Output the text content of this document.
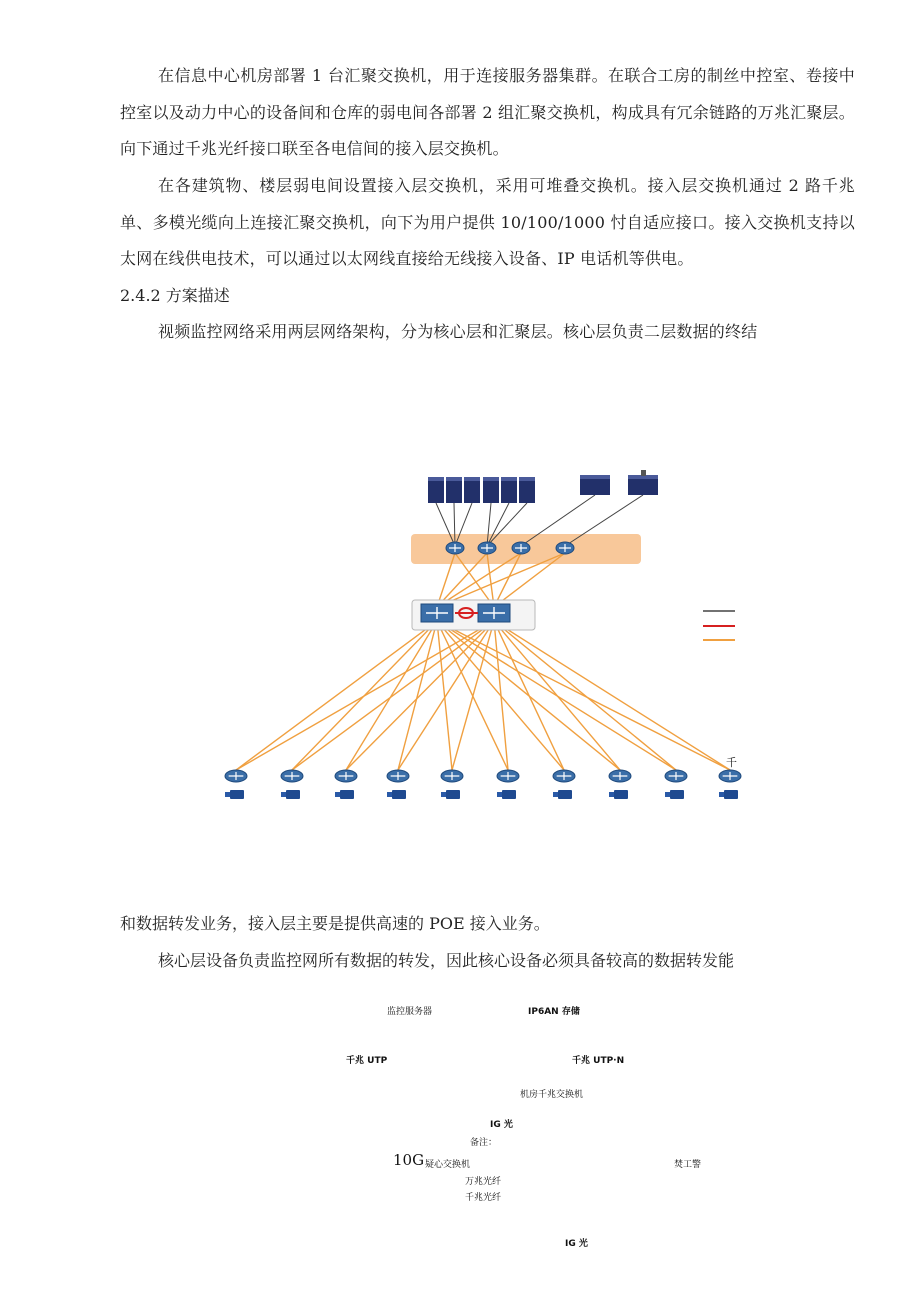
在信息中心机房部署 1 台汇聚交换机，用于连接服务器集群。在联合工房的制丝中控室、卷接中控室以及动力中心的设备间和仓库的弱电间各部署 2 组汇聚交换机，构成具有冗余链路的万兆汇聚层。向下通过千兆光纤接口联至各电信间的接入层交换机。
在各建筑物、楼层弱电间设置接入层交换机，采用可堆叠交换机。接入层交换机通过 2 路千兆单、多模光缆向上连接汇聚交换机，向下为用户提供 10/100/1000 忖自适应接口。接入交换机支持以太网在线供电技术，可以通过以太网线直接给无线接入设备、IP 电话机等供电。
2.4.2 方案描述
视频监控网络采用两层网络架构，分为核心层和汇聚层。核心层负责二层数据的终结
千
和数据转发业务，接入层主要是提供高速的 POE 接入业务。
核心层设备负责监控网所有数据的转发，因此核心设备必须具备较高的数据转发能
监控服务器	IP6AN 存储
千兆 UTP	千兆 UTP·N
机房千兆交换机
IG 光
备注：
10G 疑心交换机	焚工警
万兆光纤
千兆光纤
IG 光
